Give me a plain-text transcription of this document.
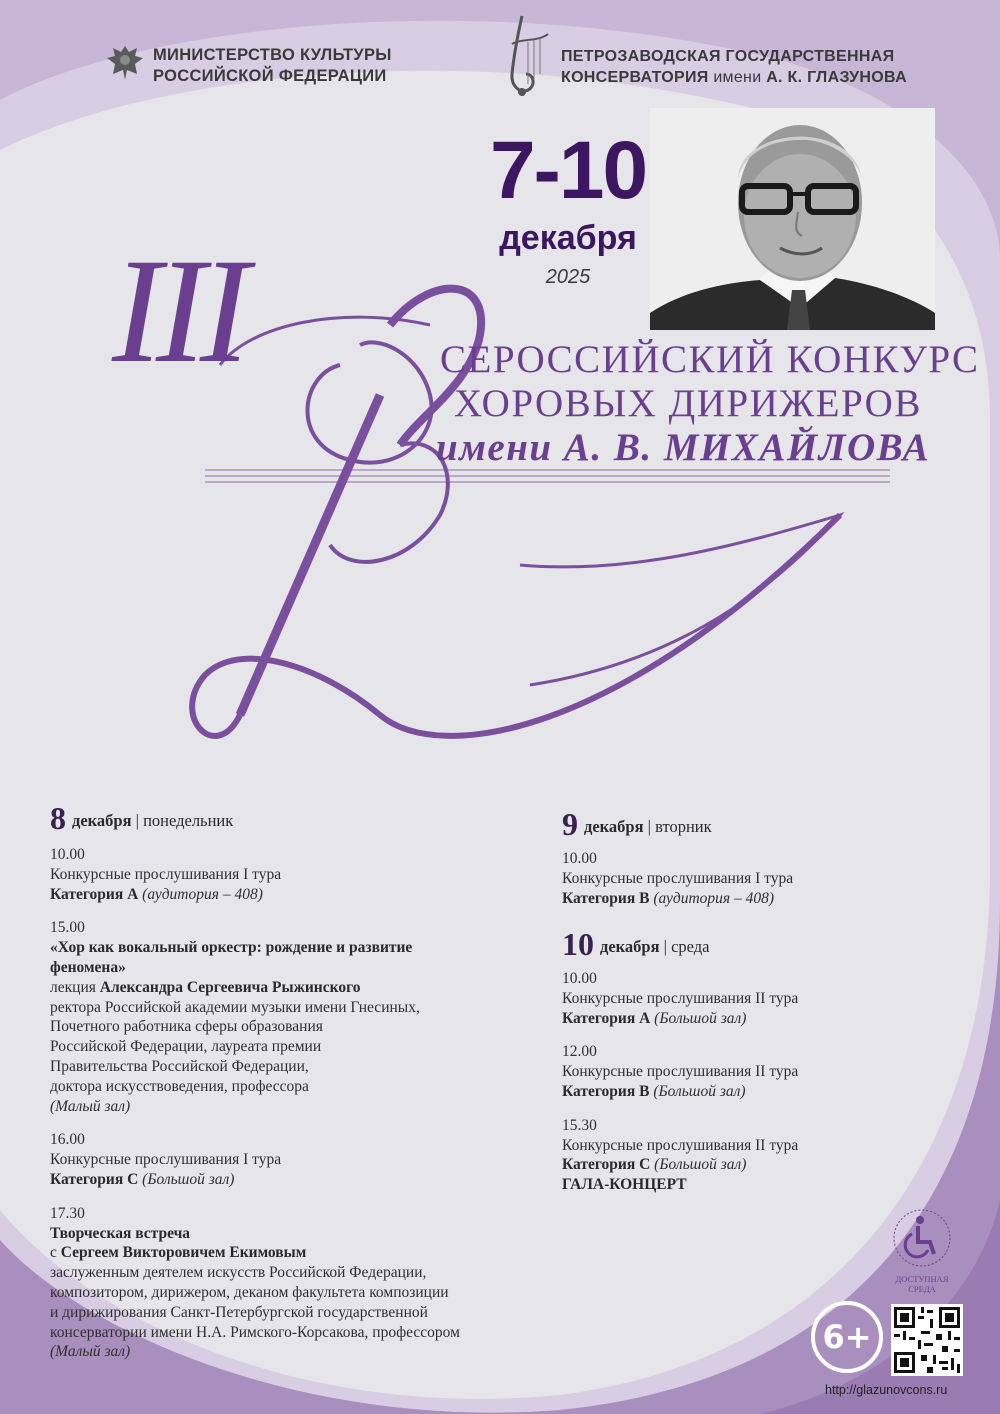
МИНИСТЕРСТВО КУЛЬТУРЫ
РОССИЙСКОЙ ФЕДЕРАЦИИ
ПЕТРОЗАВОДСКАЯ ГОСУДАРСТВЕННАЯ
КОНСЕРВАТОРИЯ имени А. К. ГЛАЗУНОВА
7-10
декабря
2025
III	СЕРОССИЙСКИЙ КОНКУРС
ХОРОВЫХ ДИРИЖЕРОВ
имени А. В. МИХАЙЛОВА
8 декабря | понедельник
10.00
Конкурсные прослушивания I тура
Категория А (аудитория – 408)
15.00
«Хор как вокальный оркестр: рождение и развитие
феномена»
лекция Александра Сергеевича Рыжинского
ректора Российской академии музыки имени Гнесиных,
Почетного работника сферы образования
Российской Федерации, лауреата премии
Правительства Российской Федерации,
доктора искусствоведения, профессора
(Малый зал)
16.00
Конкурсные прослушивания I тура
Категория С (Большой зал)
17.30
Творческая встреча
с Сергеем Викторовичем Екимовым
заслуженным деятелем искусств Российской Федерации,
композитором, дирижером, деканом факультета композиции
и дирижирования Санкт-Петербургской государственной
консерватории имени Н.А. Римского-Корсакова, профессором
(Малый зал)
9 декабря | вторник
10.00
Конкурсные прослушивания I тура
Категория В (аудитория – 408)
10 декабря | среда
10.00
Конкурсные прослушивания II тура
Категория А (Большой зал)
12.00
Конкурсные прослушивания II тура
Категория В (Большой зал)
15.30
Конкурсные прослушивания II тура
Категория С (Большой зал)
ГАЛА-КОНЦЕРТ
ДОСТУПНАЯ
СРЕДА
6+
http://glazunovcons.ru
